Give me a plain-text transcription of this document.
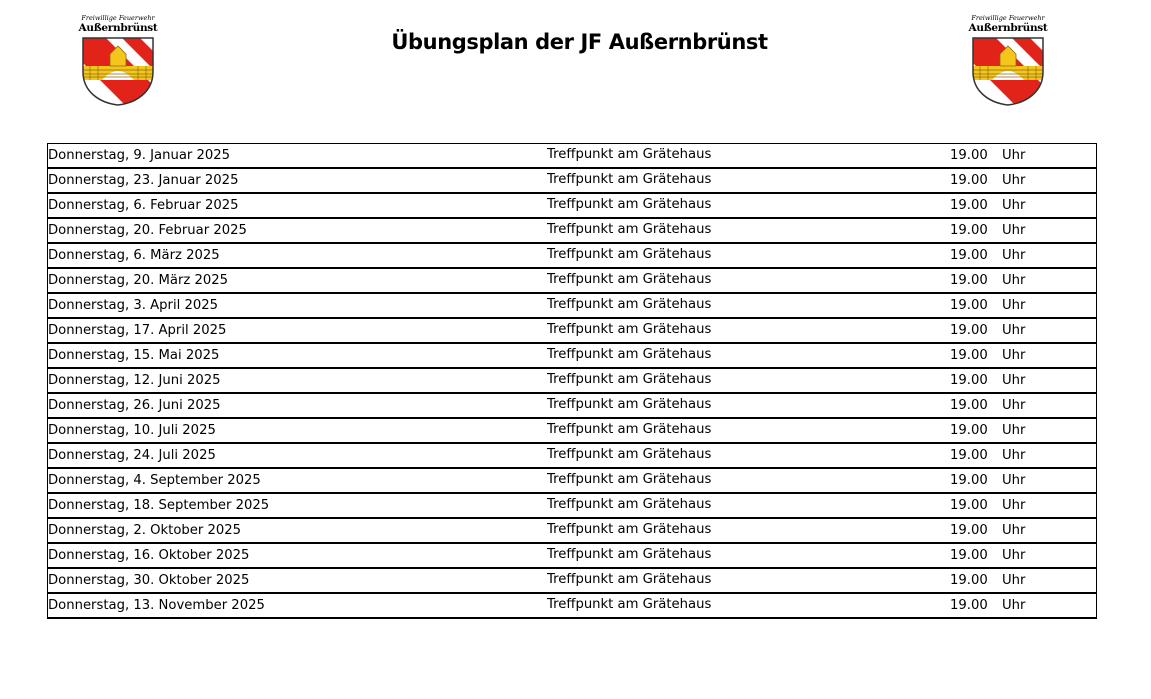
Freiwillige Feuerwehr
Außernbrünst
Freiwillige Feuerwehr
Außernbrünst
Übungsplan der JF Außernbrünst
Donnerstag, 9. Januar 2025	Treffpunkt am Grätehaus	19.00	Uhr
Donnerstag, 23. Januar 2025	Treffpunkt am Grätehaus	19.00	Uhr
Donnerstag, 6. Februar 2025	Treffpunkt am Grätehaus	19.00	Uhr
Donnerstag, 20. Februar 2025	Treffpunkt am Grätehaus	19.00	Uhr
Donnerstag, 6. März 2025	Treffpunkt am Grätehaus	19.00	Uhr
Donnerstag, 20. März 2025	Treffpunkt am Grätehaus	19.00	Uhr
Donnerstag, 3. April 2025	Treffpunkt am Grätehaus	19.00	Uhr
Donnerstag, 17. April 2025	Treffpunkt am Grätehaus	19.00	Uhr
Donnerstag, 15. Mai 2025	Treffpunkt am Grätehaus	19.00	Uhr
Donnerstag, 12. Juni 2025	Treffpunkt am Grätehaus	19.00	Uhr
Donnerstag, 26. Juni 2025	Treffpunkt am Grätehaus	19.00	Uhr
Donnerstag, 10. Juli 2025	Treffpunkt am Grätehaus	19.00	Uhr
Donnerstag, 24. Juli 2025	Treffpunkt am Grätehaus	19.00	Uhr
Donnerstag, 4. September 2025	Treffpunkt am Grätehaus	19.00	Uhr
Donnerstag, 18. September 2025	Treffpunkt am Grätehaus	19.00	Uhr
Donnerstag, 2. Oktober 2025	Treffpunkt am Grätehaus	19.00	Uhr
Donnerstag, 16. Oktober 2025	Treffpunkt am Grätehaus	19.00	Uhr
Donnerstag, 30. Oktober 2025	Treffpunkt am Grätehaus	19.00	Uhr
Donnerstag, 13. November 2025	Treffpunkt am Grätehaus	19.00	Uhr
